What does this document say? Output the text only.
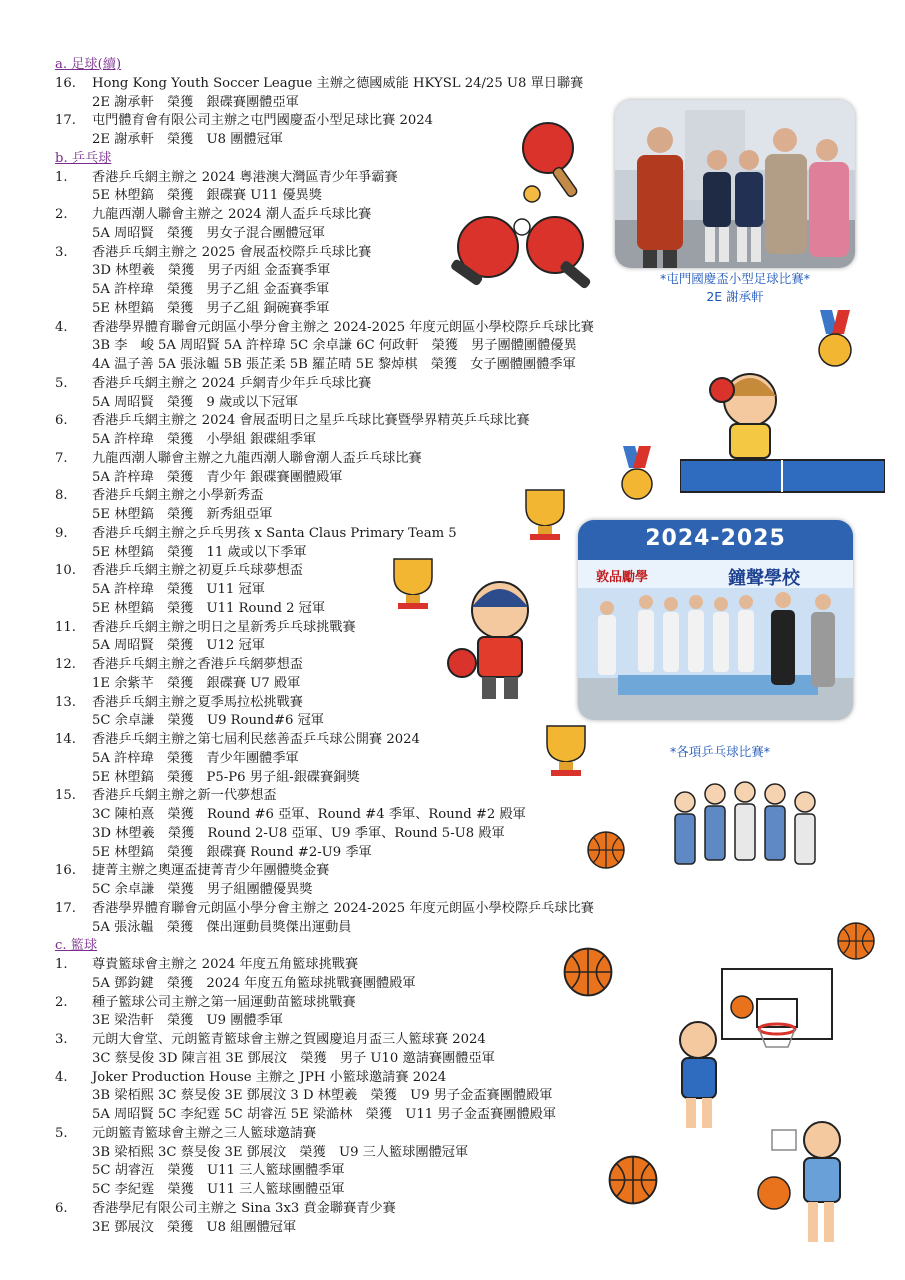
a. 足球(續)
16.	Hong Kong Youth Soccer League 主辦之德國威能 HKYSL 24/25 U8 單日聯賽
2E 謝承軒　榮獲　銀碟賽團體亞軍
17.	屯門體育會有限公司主辦之屯門國慶盃小型足球比賽 2024
2E 謝承軒　榮獲　U8 團體冠軍
b. 乒乓球
1.	香港乒乓網主辦之 2024 粵港澳大灣區青少年爭霸賽
5E 林塱鎬　榮獲　銀碟賽 U11 優異獎
2.	九龍西潮人聯會主辦之 2024 潮人盃乒乓球比賽
5A 周昭賢　榮獲　男女子混合團體冠軍
3.	香港乒乓網主辦之 2025 會展盃校際乒乓球比賽
3D 林塱羲　榮獲　男子丙組 金盃賽季軍
5A 許梓瑋　榮獲　男子乙組 金盃賽季軍
5E 林塱鎬　榮獲　男子乙組 銅碗賽季軍
4.	香港學界體育聯會元朗區小學分會主辦之 2024-2025 年度元朗區小學校際乒乓球比賽
3B 李　峻 5A 周昭賢 5A 許梓瑋 5C 余卓謙 6C 何政軒　榮獲　男子團體團體優異
4A 温子善 5A 張泳韞 5B 張芷柔 5B 羅芷晴 5E 黎焯棋　榮獲　女子團體團體季軍
5.	香港乒乓網主辦之 2024 乒網青少年乒乓球比賽
5A 周昭賢　榮獲　9 歲或以下冠軍
6.	香港乒乓網主辦之 2024 會展盃明日之星乒乓球比賽暨學界精英乒乓球比賽
5A 許梓瑋　榮獲　小學組 銀碟組季軍
7.	九龍西潮人聯會主辦之九龍西潮人聯會潮人盃乒乓球比賽
5A 許梓瑋　榮獲　青少年 銀碟賽團體殿軍
8.	香港乒乓網主辦之小學新秀盃
5E 林塱鎬　榮獲　新秀組亞軍
9.	香港乒乓網主辦之乒乓男孩 x Santa Claus Primary Team 5
5E 林塱鎬　榮獲　11 歲或以下季軍
10.	香港乒乓網主辦之初夏乒乓球夢想盃
5A 許梓瑋　榮獲　U11 冠軍
5E 林塱鎬　榮獲　U11 Round 2 冠軍
11.	香港乒乓網主辦之明日之星新秀乒乓球挑戰賽
5A 周昭賢　榮獲　U12 冠軍
12.	香港乒乓網主辦之香港乒乓網夢想盃
1E 余紫芊　榮獲　銀碟賽 U7 殿軍
13.	香港乒乓網主辦之夏季馬拉松挑戰賽
5C 余卓謙　榮獲　U9 Round#6 冠軍
14.	香港乒乓網主辦之第七屆利民慈善盃乒乓球公開賽 2024
5A 許梓瑋　榮獲　青少年團體季軍
5E 林塱鎬　榮獲　P5-P6 男子組-銀碟賽銅獎
15.	香港乒乓網主辦之新一代夢想盃
3C 陳柏熹　榮獲　Round #6 亞軍、Round #4 季軍、Round #2 殿軍
3D 林塱羲　榮獲　Round 2-U8 亞軍、U9 季軍、Round 5-U8 殿軍
5E 林塱鎬　榮獲　銀碟賽 Round #2-U9 季軍
16.	捷菁主辦之奧運盃捷菁青少年團體獎金賽
5C 余卓謙　榮獲　男子組團體優異獎
17.	香港學界體育聯會元朗區小學分會主辦之 2024-2025 年度元朗區小學校際乒乓球比賽
5A 張泳韞　榮獲　傑出運動員獎傑出運動員
c. 籃球
1.	尊貴籃球會主辦之 2024 年度五角籃球挑戰賽
5A 鄧鈞鍵　榮獲　2024 年度五角籃球挑戰賽團體殿軍
2.	種子籃球公司主辦之第一屆運動苗籃球挑戰賽
3E 梁浩軒　榮獲　U9 團體季軍
3.	元朗大會堂、元朗籃青籃球會主辦之賀國慶追月盃三人籃球賽 2024
3C 蔡旻俊 3D 陳言祖 3E 鄧展汶　榮獲　男子 U10 邀請賽團體亞軍
4.	Joker Production House 主辦之 JPH 小籃球邀請賽 2024
3B 梁栢熙 3C 蔡旻俊 3E 鄧展汶 3 D 林塱羲　榮獲　U9 男子金盃賽團體殿軍
5A 周昭賢 5C 李紀霆 5C 胡睿沍 5E 梁澔林　榮獲　U11 男子金盃賽團體殿軍
5.	元朗籃青籃球會主辦之三人籃球邀請賽
3B 梁栢熙 3C 蔡旻俊 3E 鄧展汶　榮獲　U9 三人籃球團體冠軍
5C 胡睿沍　榮獲　U11 三人籃球團體季軍
5C 李紀霆　榮獲　U11 三人籃球團體亞軍
6.	香港學尼有限公司主辦之 Sina 3x3 賁金聯賽青少賽
3E 鄧展汶　榮獲　U8 組團體冠軍
*屯門國慶盃小型足球比賽*
2E 謝承軒
2024-2025
敦品勵學	鐘聲學校
*各項乒乓球比賽*
